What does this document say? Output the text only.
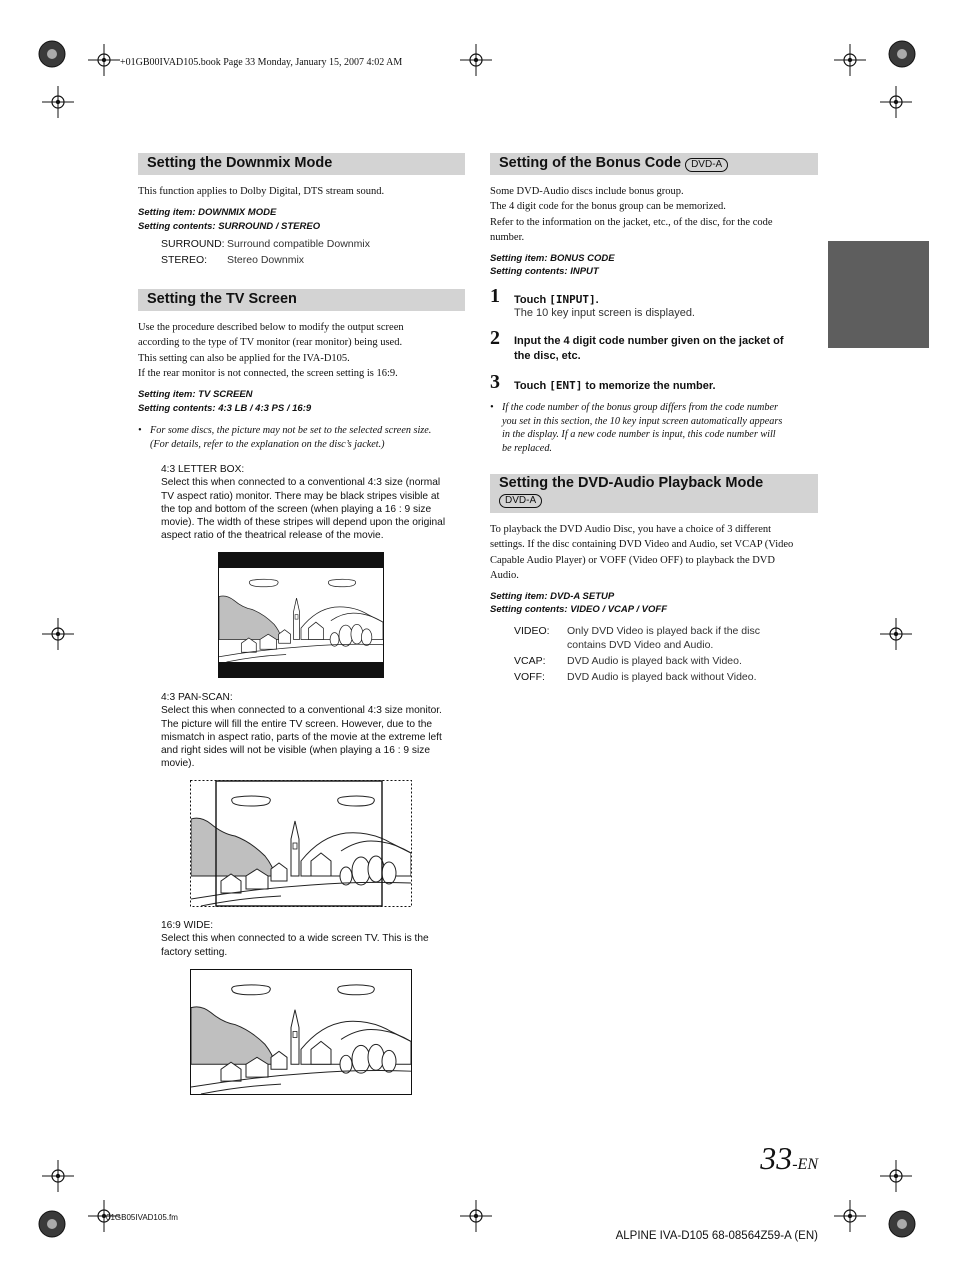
+01GB00IVAD105.book Page 33 Monday, January 15, 2007 4:02 AM
01GB05IVAD105.fm
ALPINE IVA-D105 68-08564Z59-A (EN)
33-EN
Setting the Downmix Mode
This function applies to Dolby Digital, DTS stream sound.
Setting item: DOWNMIX MODE
Setting contents: SURROUND / STEREO
SURROUND: Surround compatible Downmix
STEREO:	Stereo Downmix
Setting the TV Screen
Use the procedure described below to modify the output screen
according to the type of TV monitor (rear monitor) being used.
This setting can also be applied for the IVA-D105.
If the rear monitor is not connected, the screen setting is 16:9.
Setting item: TV SCREEN
Setting contents: 4:3 LB / 4:3 PS / 16:9
• For some discs, the picture may not be set to the selected screen size.
(For details, refer to the explanation on the disc’s jacket.)
4:3 LETTER BOX:
Select this when connected to a conventional 4:3 size (normal
TV aspect ratio) monitor. There may be black stripes visible at
the top and bottom of the screen (when playing a 16 : 9 size
movie). The width of these stripes will depend upon the original
aspect ratio of the theatrical release of the movie.
4:3 PAN-SCAN:
Select this when connected to a conventional 4:3 size monitor.
The picture will fill the entire TV screen. However, due to the
mismatch in aspect ratio, parts of the movie at the extreme left
and right sides will not be visible (when playing a 16 : 9 size
movie).
16:9 WIDE:
Select this when connected to a wide screen TV. This is the
factory setting.
Setting of the Bonus Code DVD-A
Some DVD-Audio discs include bonus group.
The 4 digit code for the bonus group can be memorized.
Refer to the information on the jacket, etc., of the disc, for the code
number.
Setting item: BONUS CODE
Setting contents: INPUT
1 Touch [INPUT].
The 10 key input screen is displayed.
2 Input the 4 digit code number given on the jacket of
the disc, etc.
3 Touch [ENT] to memorize the number.
• If the code number of the bonus group differs from the code number
you set in this section, the 10 key input screen automatically appears
in the display. If a new code number is input, this code number will
be replaced.
Setting the DVD-Audio Playback Mode
DVD-A
To playback the DVD Audio Disc, you have a choice of 3 different
settings. If the disc containing DVD Video and Audio, set VCAP (Video
Capable Audio Player) or VOFF (Video OFF) to playback the DVD
Audio.
Setting item: DVD-A SETUP
Setting contents: VIDEO / VCAP / VOFF
VIDEO:	Only DVD Video is played back if the disc
contains DVD Video and Audio.
VCAP:	DVD Audio is played back with Video.
VOFF:	DVD Audio is played back without Video.
